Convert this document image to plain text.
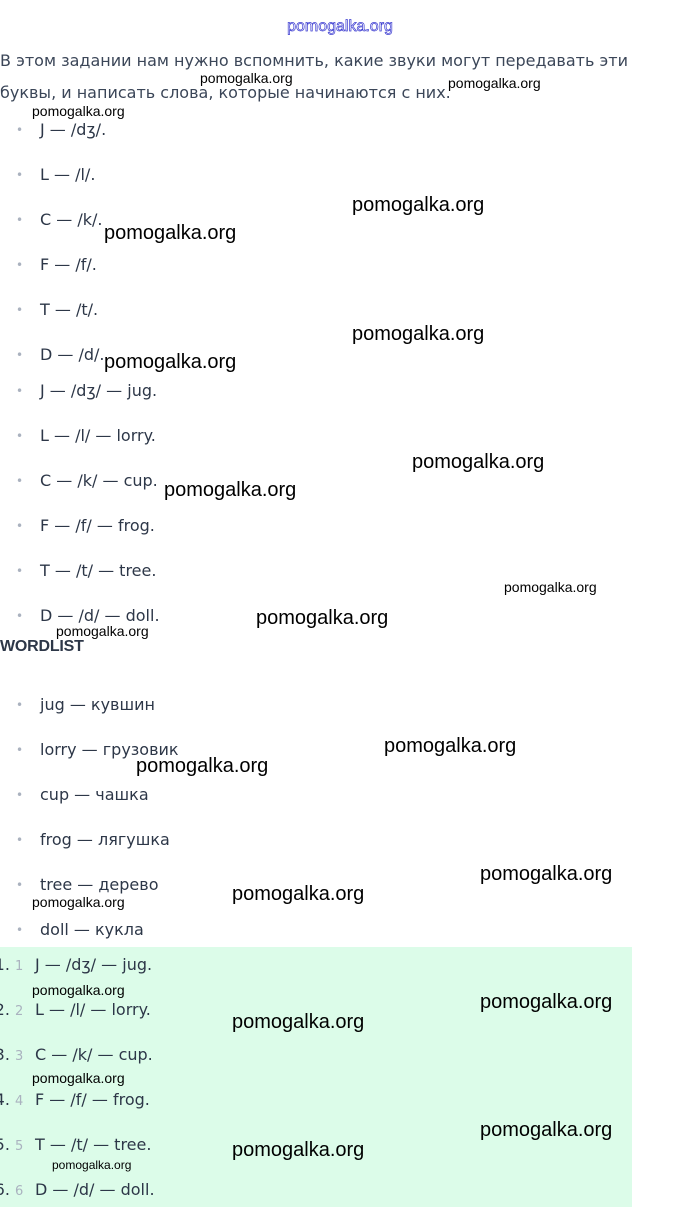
pomogalka.org

В этом задании нам нужно вспомнить, какие звуки могут передавать эти буквы, и написать слова, которые начинаются с них.

• J — /dʒ/.
• L — /l/.
• C — /k/.
• F — /f/.
• T — /t/.
• D — /d/.
• J — /dʒ/ — jug.
• L — /l/ — lorry.
• C — /k/ — cup.
• F — /f/ — frog.
• T — /t/ — tree.
• D — /d/ — doll.
WORDLIST
• jug — кувшин
• lorry — грузовик
• cup — чашка
• frog — лягушка
• tree — дерево
• doll — кукла
1. 1 J — /dʒ/ — jug.
2. 2 L — /l/ — lorry.
3. 3 C — /k/ — cup.
4. 4 F — /f/ — frog.
5. 5 T — /t/ — tree.
6. 6 D — /d/ — doll.
pomogalka.org	pomogalka.org
pomogalka.org
pomogalka.org
pomogalka.org
pomogalka.org
pomogalka.org
pomogalka.org
pomogalka.org
pomogalka.org
pomogalka.org
pomogalka.org
pomogalka.org
pomogalka.org
pomogalka.org
pomogalka.org
pomogalka.org
pomogalka.org
pomogalka.org
pomogalka.org
pomogalka.org
pomogalka.org
pomogalka.org
pomogalka.org
